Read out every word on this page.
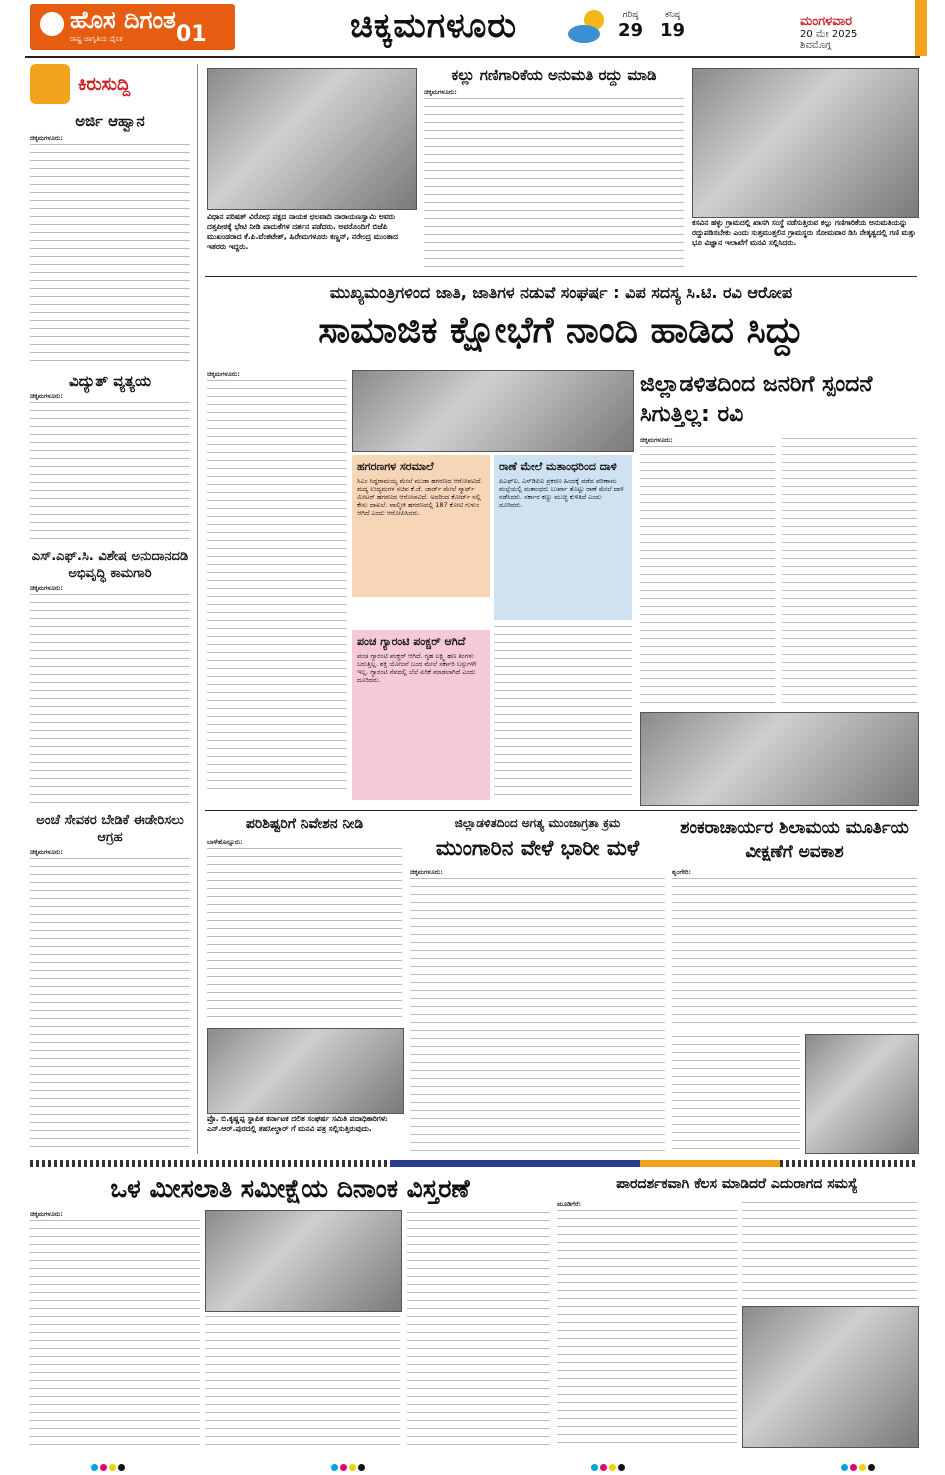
ಹೊಸ ದಿಗಂತ
ರಾಷ್ಟ್ರ ಜಾಗೃತಿಯ ದೈನಿಕ 01	ಚಿಕ್ಕಮಗಳೂರು	ಗರಿಷ್ಠ
29
ಕನಿಷ್ಠ
19	ಮಂಗಳವಾರ
20 ಮೇ 2025
ಶಿವಮೊಗ್ಗ
ಕಿರುಸುದ್ದಿ
ಅರ್ಜಿ ಆಹ್ವಾನ
ಚಿಕ್ಕಮಗಳೂರು:
ವಿದ್ಯುತ್ ವ್ಯತ್ಯಯ
ಚಿಕ್ಕಮಗಳೂರು:
ಎಸ್.ಎಫ್.ಸಿ. ವಿಶೇಷ ಅನುದಾನದಡಿ ಅಭಿವೃದ್ಧಿ ಕಾಮಗಾರಿ
ಚಿಕ್ಕಮಗಳೂರು:
ಅಂಚೆ ಸೇವಕರ ಬೇಡಿಕೆ ಈಡೇರಿಸಲು ಆಗ್ರಹ
ಚಿಕ್ಕಮಗಳೂರು:
ವಿಧಾನ ಪರಿಷತ್ ವಿರೋಧ ಪಕ್ಷದ ನಾಯಕ ಛಲವಾದಿ ನಾರಾಯಣಸ್ವಾಮಿ ಅವರು ದತ್ತಪೀಠಕ್ಕೆ ಭೇಟಿ ನೀಡಿ ಪಾದುಕೆಗಳ ದರ್ಶನ ಪಡೆದರು. ಅವರೊಂದಿಗೆ ಬಿಜೆಪಿ ಮುಖಂಡರಾದ ಕೆ.ಪಿ.ವೆಂಕಟೇಶ್, ಹಿರೇಮಗಳೂರು ಕಣ್ಣನ್, ನರೇಂದ್ರ ಮುಂತಾದ ಇತರರು ಇದ್ದರು.
ಕಲ್ಲು ಗಣಿಗಾರಿಕೆಯ ಅನುಮತಿ ರದ್ದು ಮಾಡಿ
ಚಿಕ್ಕಮಗಳೂರು:
ಕಸವಿನ ಹಳ್ಳು ಗ್ರಾಮದಲ್ಲಿ ಖಾಸಗಿ ಸಂಸ್ಥೆ ನಡೆಸುತ್ತಿರುವ ಕಲ್ಲು ಗಣಿಗಾರಿಕೆಯ ಅನುಮತಿಯನ್ನು ರದ್ದುಪಡಿಸಬೇಕು ಎಂದು ಸುತ್ತಮುತ್ತಲಿನ ಗ್ರಾಮಸ್ಥರು ಸೋಮವಾರ ಡಿಸಿ ನೇತೃತ್ವದಲ್ಲಿ ಗಣಿ ಮತ್ತು ಭೂ ವಿಜ್ಞಾನ ಇಲಾಖೆಗೆ ಮನವಿ ಸಲ್ಲಿಸಿದರು.
ಮುಖ್ಯಮಂತ್ರಿಗಳಿಂದ ಜಾತಿ, ಜಾತಿಗಳ ನಡುವೆ ಸಂಘರ್ಷ : ವಿಪ ಸದಸ್ಯ ಸಿ.ಟಿ. ರವಿ ಆರೋಪ
ಸಾಮಾಜಿಕ ಕ್ಷೋಭೆಗೆ ನಾಂದಿ ಹಾಡಿದ ಸಿದ್ದು
ಚಿಕ್ಕಮಗಳೂರು:
ಹಗರಣಗಳ ಸರಮಾಲೆ

ಸಿಎಂ ಸಿದ್ದರಾಮಯ್ಯ ಮೇಲೆ ಮುಡಾ ಹಗರಣದ ಆರೋಪವಿದೆ. ಮದ್ಯ ಉದ್ಯಮಗಳ ಸಚಿವ ಕೆ.ಜೆ. ಜಾರ್ಜ್ ಮೇಲೆ ಸ್ಮಾರ್ಟ್ ಮೀಟರ್ ಹಗರಣದ ಆರೋಪವಿದೆ. ಅದರಿಂದ ಕೋರ್ಟ್ ನಲ್ಲಿ ಕೇಸು ದಾಖಲೆ. ವಾಲ್ಮೀಕಿ ಹಗರಣದಲ್ಲಿ 187 ಕೋಟಿ ಗುಳುಂ ಆಗಿದೆ ಎಂದು ಆರೋಪಿಸಿದರು.

ರಾಣೆ ಮೇಲೆ ಮತಾಂಧರಿಂದ ದಾಳಿ

ಪಿಎಫ್‌ಐ, ಎಸ್‌ಡಿಪಿಐ ಪ್ರಕರಣ ಹಿಂದಕ್ಕೆ ಪಡೆದ ಪರಿಣಾಮ ಮಲ್ಪೆಯಲ್ಲಿ ಮತಾಂಧರು ಬುರ್ಖಾ ತೊಟ್ಟು ರಾಣೆ ಮೇಲೆ ದಾಳಿ ನಡೆಸಿದರು. ಸರ್ಕಾರ ಕಣ್ಣು ಮುಚ್ಚಿ ಕುಳಿತಿದೆ ಎಂದು ದೂರಿದರು.

ಪಂಚ ಗ್ಯಾರಂಟಿ ಪಂಕ್ಚರ್ ಆಗಿದೆ

ಪಂಚ ಗ್ಯಾರಂಟಿ ಪಂಕ್ಚರ್ ಆಗಿದೆ. ಗೃಹ ಲಕ್ಷ್ಮಿ ಹಣ ತಿಂಗಳು ಬರುತ್ತಿಲ್ಲ. ಶಕ್ತಿ ಯೋಜನೆ ಬಂದ ಮೇಲೆ ಸರ್ಕಾರಿ ಬಸ್ಸುಗಳೇ ಇಲ್ಲ. ಗ್ಯಾರಂಟಿ ನೆಪದಲ್ಲಿ ಬೆಲೆ ಏರಿಕೆ ಮಾಡಲಾಗಿದೆ ಎಂದು ದೂರಿದರು.

ಜಿಲ್ಲಾಡಳಿತದಿಂದ ಜನರಿಗೆ ಸ್ಪಂದನೆ ಸಿಗುತ್ತಿಲ್ಲ: ರವಿ
ಚಿಕ್ಕಮಗಳೂರು:
ಪರಿಶಿಷ್ಟರಿಗೆ ನಿವೇಶನ ನೀಡಿ
ಬಾಳೆಹೊನ್ನೂರು:
ಪ್ರೊ. ಬಿ.ಕೃಷ್ಣಪ್ಪ ಸ್ಥಾಪಿತ ಕರ್ನಾಟಕ ದಲಿತ ಸಂಘರ್ಷ ಸಮಿತಿ ಪದಾಧಿಕಾರಿಗಳು ಎನ್.ಆರ್.ಪುರದಲ್ಲಿ ತಹಸೀಲ್ದಾರ್ ಗೆ ಮನವಿ ಪತ್ರ ಸಲ್ಲಿಸುತ್ತಿರುವುದು.
ಜಿಲ್ಲಾಡಳಿತದಿಂದ ಅಗತ್ಯ ಮುಂಜಾಗ್ರತಾ ಕ್ರಮ
ಮುಂಗಾರಿನ ವೇಳೆ ಭಾರೀ ಮಳೆ
ಚಿಕ್ಕಮಗಳೂರು:
ಶಂಕರಾಚಾರ್ಯರ ಶಿಲಾಮಯ ಮೂರ್ತಿಯ ವೀಕ್ಷಣೆಗೆ ಅವಕಾಶ
ಶೃಂಗೇರಿ:
ಒಳ ಮೀಸಲಾತಿ ಸಮೀಕ್ಷೆಯ ದಿನಾಂಕ ವಿಸ್ತರಣೆ
ಚಿಕ್ಕಮಗಳೂರು:
ಪಾರದರ್ಶಕವಾಗಿ ಕೆಲಸ ಮಾಡಿದರೆ ಎದುರಾಗದ ಸಮಸ್ಯೆ
ಮೂಡಿಗೆರೆ:
